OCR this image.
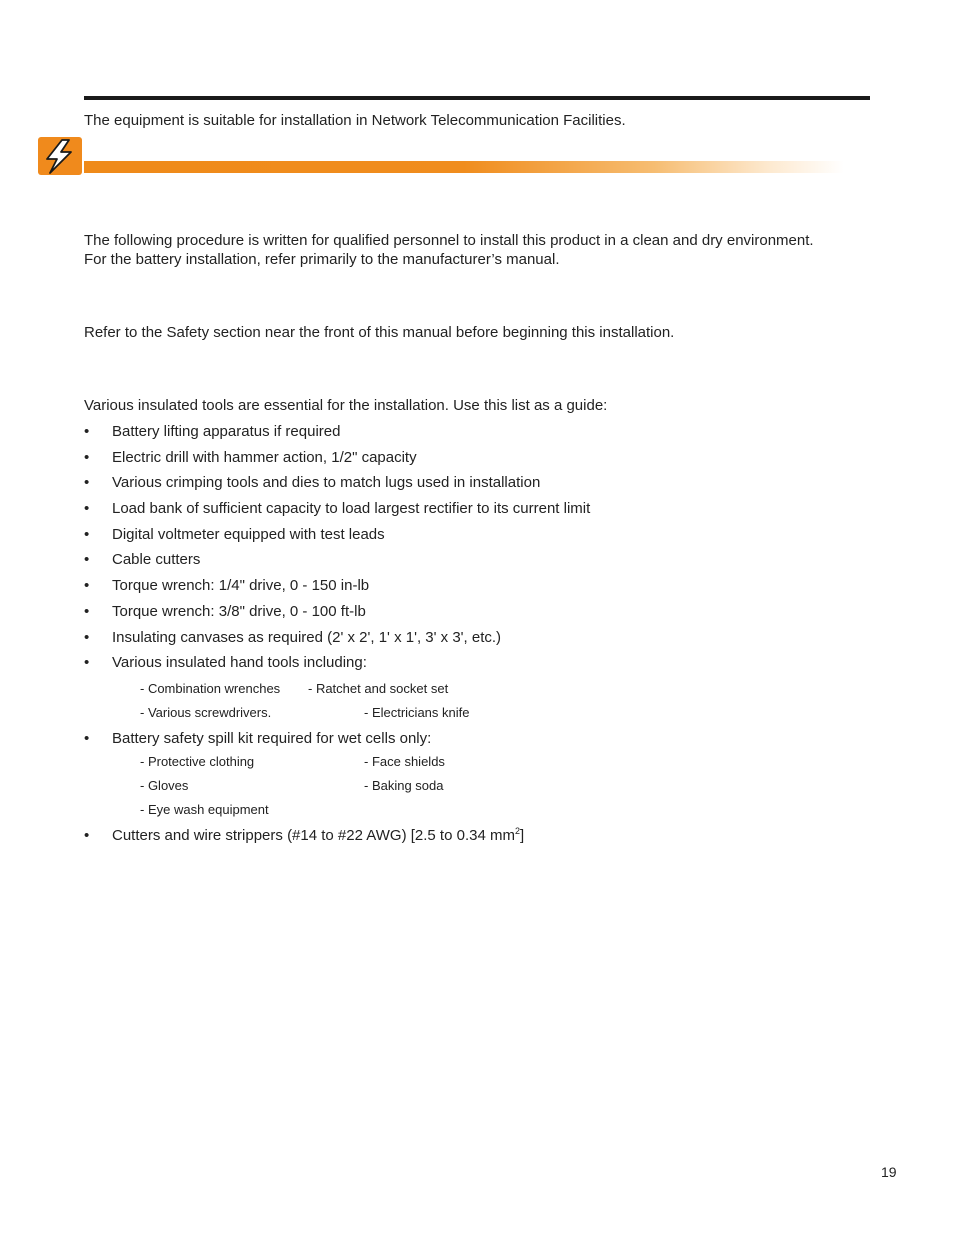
The equipment is suitable for installation in Network Telecommunication Facilities.

The following procedure is written for qualified personnel to install this product in a clean and dry environment.

For the battery installation, refer primarily to the manufacturer’s manual.

Refer to the Safety section near the front of this manual before beginning this installation.

Various insulated tools are essential for the installation. Use this list as a guide:

• Battery lifting apparatus if required
• Electric drill with hammer action, 1/2" capacity
• Various crimping tools and dies to match lugs used in installation
• Load bank of sufficient capacity to load largest rectifier to its current limit
• Digital voltmeter equipped with test leads
• Cable cutters
• Torque wrench: 1/4" drive, 0 - 150 in-lb
• Torque wrench: 3/8" drive, 0 - 100 ft-lb
• Insulating canvases as required (2' x 2', 1' x 1', 3' x 3', etc.)
• Various insulated hand tools including:
- Combination wrenches - Ratchet and socket set
- Various screwdrivers.	- Electricians knife
• Battery safety spill kit required for wet cells only:
- Protective clothing	- Face shields
- Gloves	- Baking soda
- Eye wash equipment
• Cutters and wire strippers (#14 to #22 AWG) [2.5 to 0.34 $mm^2$]
19
